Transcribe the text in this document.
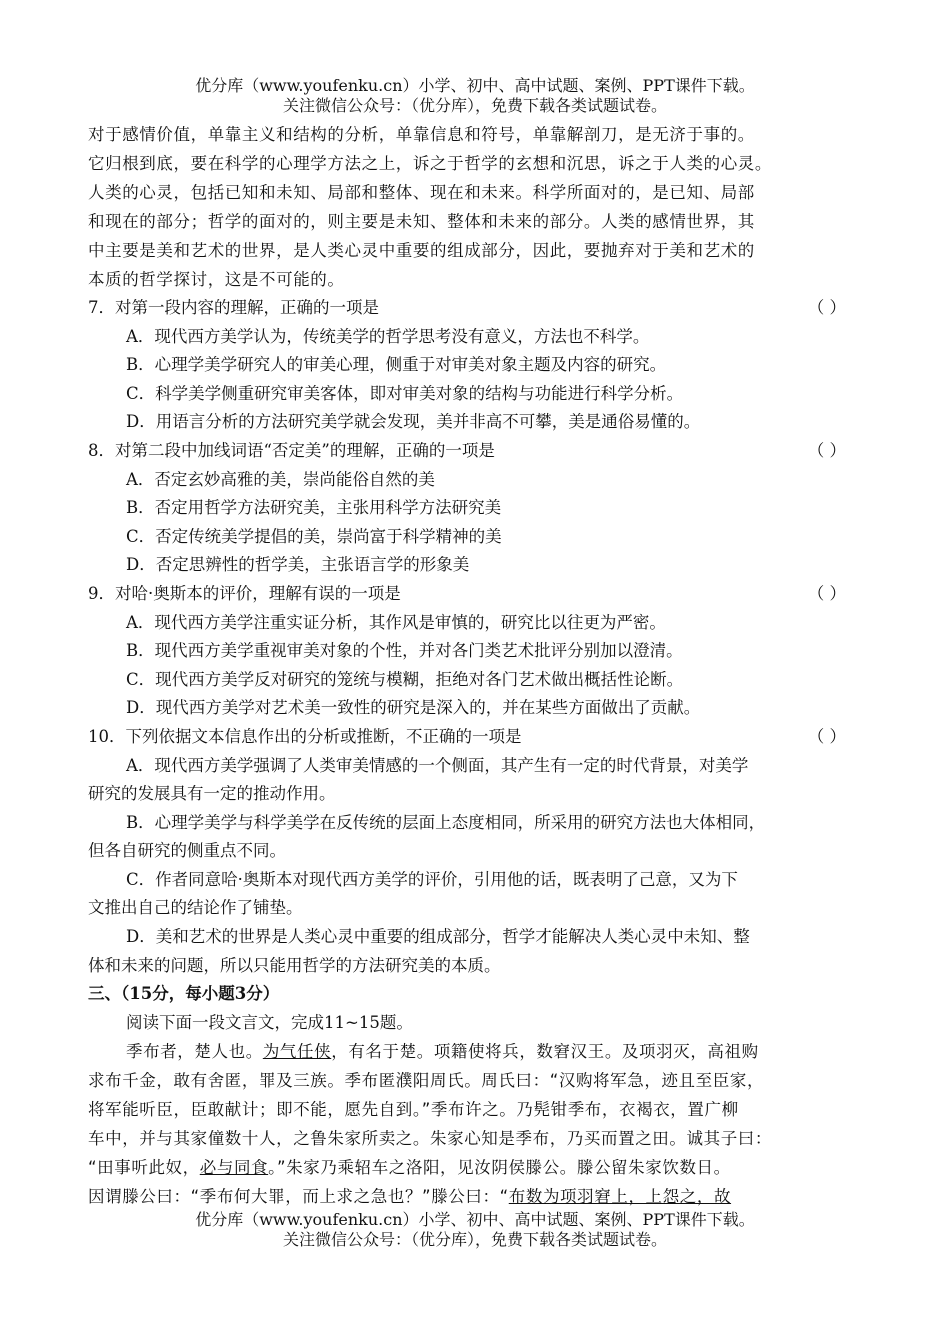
优分库（www.youfenku.cn）小学、初中、高中试题、案例、PPT课件下载。
关注微信公众号：（优分库），免费下载各类试题试卷。
对于感情价值，单靠主义和结构的分析，单靠信息和符号，单靠解剖刀，是无济于事的。
它归根到底，要在科学的心理学方法之上，诉之于哲学的玄想和沉思，诉之于人类的心灵。
人类的心灵，包括已知和未知、局部和整体、现在和未来。科学所面对的，是已知、局部
和现在的部分；哲学的面对的，则主要是未知、整体和未来的部分。人类的感情世界，其
中主要是美和艺术的世界，是人类心灵中重要的组成部分，因此，要抛弃对于美和艺术的
本质的哲学探讨，这是不可能的。
7．对第一段内容的理解，正确的一项是	（ ）
A．现代西方美学认为，传统美学的哲学思考没有意义，方法也不科学。
B．心理学美学研究人的审美心理，侧重于对审美对象主题及内容的研究。
C．科学美学侧重研究审美客体，即对审美对象的结构与功能进行科学分析。
D．用语言分析的方法研究美学就会发现，美并非高不可攀，美是通俗易懂的。
8．对第二段中加线词语“否定美”的理解，正确的一项是	（ ）
A．否定玄妙高雅的美，崇尚能俗自然的美
B．否定用哲学方法研究美，主张用科学方法研究美
C．否定传统美学提倡的美，崇尚富于科学精神的美
D．否定思辨性的哲学美，主张语言学的形象美
9．对哈·奥斯本的评价，理解有误的一项是	（ ）
A．现代西方美学注重实证分析，其作风是审慎的，研究比以往更为严密。
B．现代西方美学重视审美对象的个性，并对各门类艺术批评分别加以澄清。
C．现代西方美学反对研究的笼统与模糊，拒绝对各门艺术做出概括性论断。
D．现代西方美学对艺术美一致性的研究是深入的，并在某些方面做出了贡献。
10．下列依据文本信息作出的分析或推断，不正确的一项是	（ ）
A．现代西方美学强调了人类审美情感的一个侧面，其产生有一定的时代背景，对美学
研究的发展具有一定的推动作用。
B．心理学美学与科学美学在反传统的层面上态度相同，所采用的研究方法也大体相同，
但各自研究的侧重点不同。
C．作者同意哈·奥斯本对现代西方美学的评价，引用他的话，既表明了己意，又为下
文推出自己的结论作了铺垫。
D．美和艺术的世界是人类心灵中重要的组成部分，哲学才能解决人类心灵中未知、整
体和未来的问题，所以只能用哲学的方法研究美的本质。
三、（15分，每小题3分）
阅读下面一段文言文，完成11~15题。
季布者，楚人也。为气任侠，有名于楚。项籍使将兵，数窘汉王。及项羽灭，高祖购
求布千金，敢有舍匿，罪及三族。季布匿濮阳周氏。周氏曰：“汉购将军急，迹且至臣家，
将军能听臣，臣敢献计；即不能，愿先自到。”季布许之。乃髡钳季布，衣褐衣，置广柳
车中，并与其家僮数十人，之鲁朱家所卖之。朱家心知是季布，乃买而置之田。诚其子曰：
“田事听此奴，必与同食。”朱家乃乘轺车之洛阳，见汝阴侯滕公。滕公留朱家饮数日。
因谓滕公曰：“季布何大罪，而上求之急也？”滕公曰：“布数为项羽窘上，上怨之，故
优分库（www.youfenku.cn）小学、初中、高中试题、案例、PPT课件下载。
关注微信公众号：（优分库），免费下载各类试题试卷。
